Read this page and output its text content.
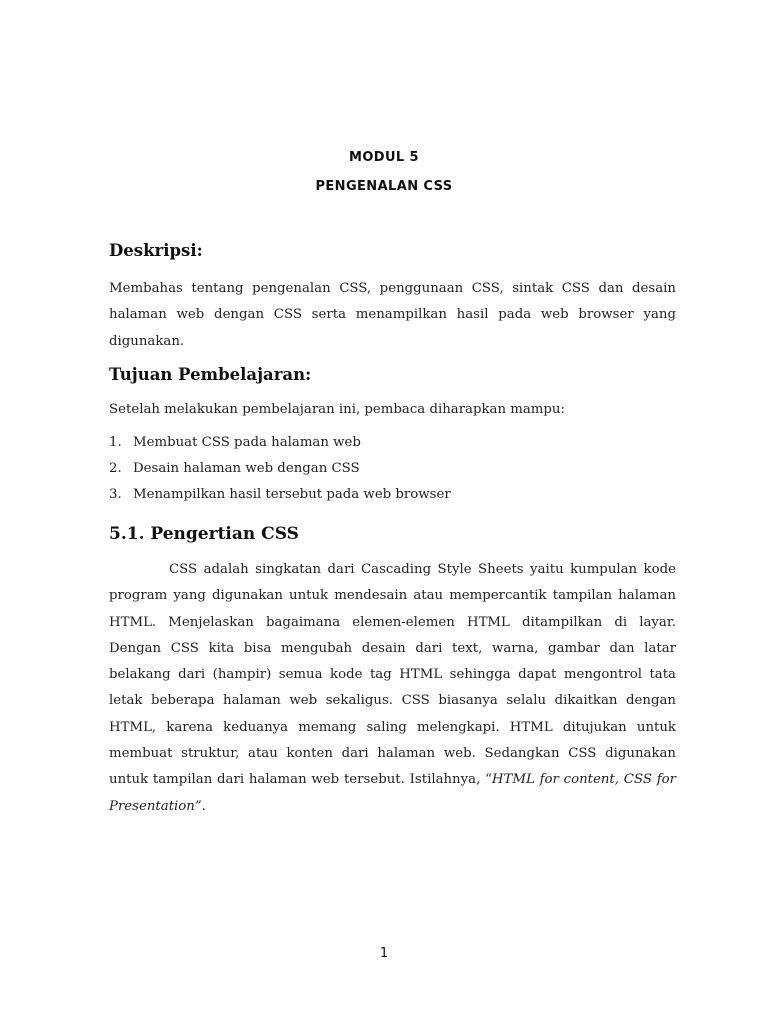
MODUL 5
PENGENALAN CSS
Deskripsi:
Membahas tentang pengenalan CSS, penggunaan CSS, sintak CSS dan desain halaman web dengan CSS serta menampilkan hasil pada web browser yang digunakan.
Tujuan Pembelajaran:
Setelah melakukan pembelajaran ini, pembaca diharapkan mampu:
1. Membuat CSS pada halaman web
2. Desain halaman web dengan CSS
3. Menampilkan hasil tersebut pada web browser
5.1. Pengertian CSS
CSS adalah singkatan dari Cascading Style Sheets yaitu kumpulan kode program yang digunakan untuk mendesain atau mempercantik tampilan halaman HTML. Menjelaskan bagaimana elemen-elemen HTML ditampilkan di layar. Dengan CSS kita bisa mengubah desain dari text, warna, gambar dan latar belakang dari (hampir) semua kode tag HTML sehingga dapat mengontrol tata letak beberapa halaman web sekaligus. CSS biasanya selalu dikaitkan dengan HTML, karena keduanya memang saling melengkapi. HTML ditujukan untuk membuat struktur, atau konten dari halaman web. Sedangkan CSS digunakan untuk tampilan dari halaman web tersebut. Istilahnya, “HTML for content, CSS for Presentation”.
1
